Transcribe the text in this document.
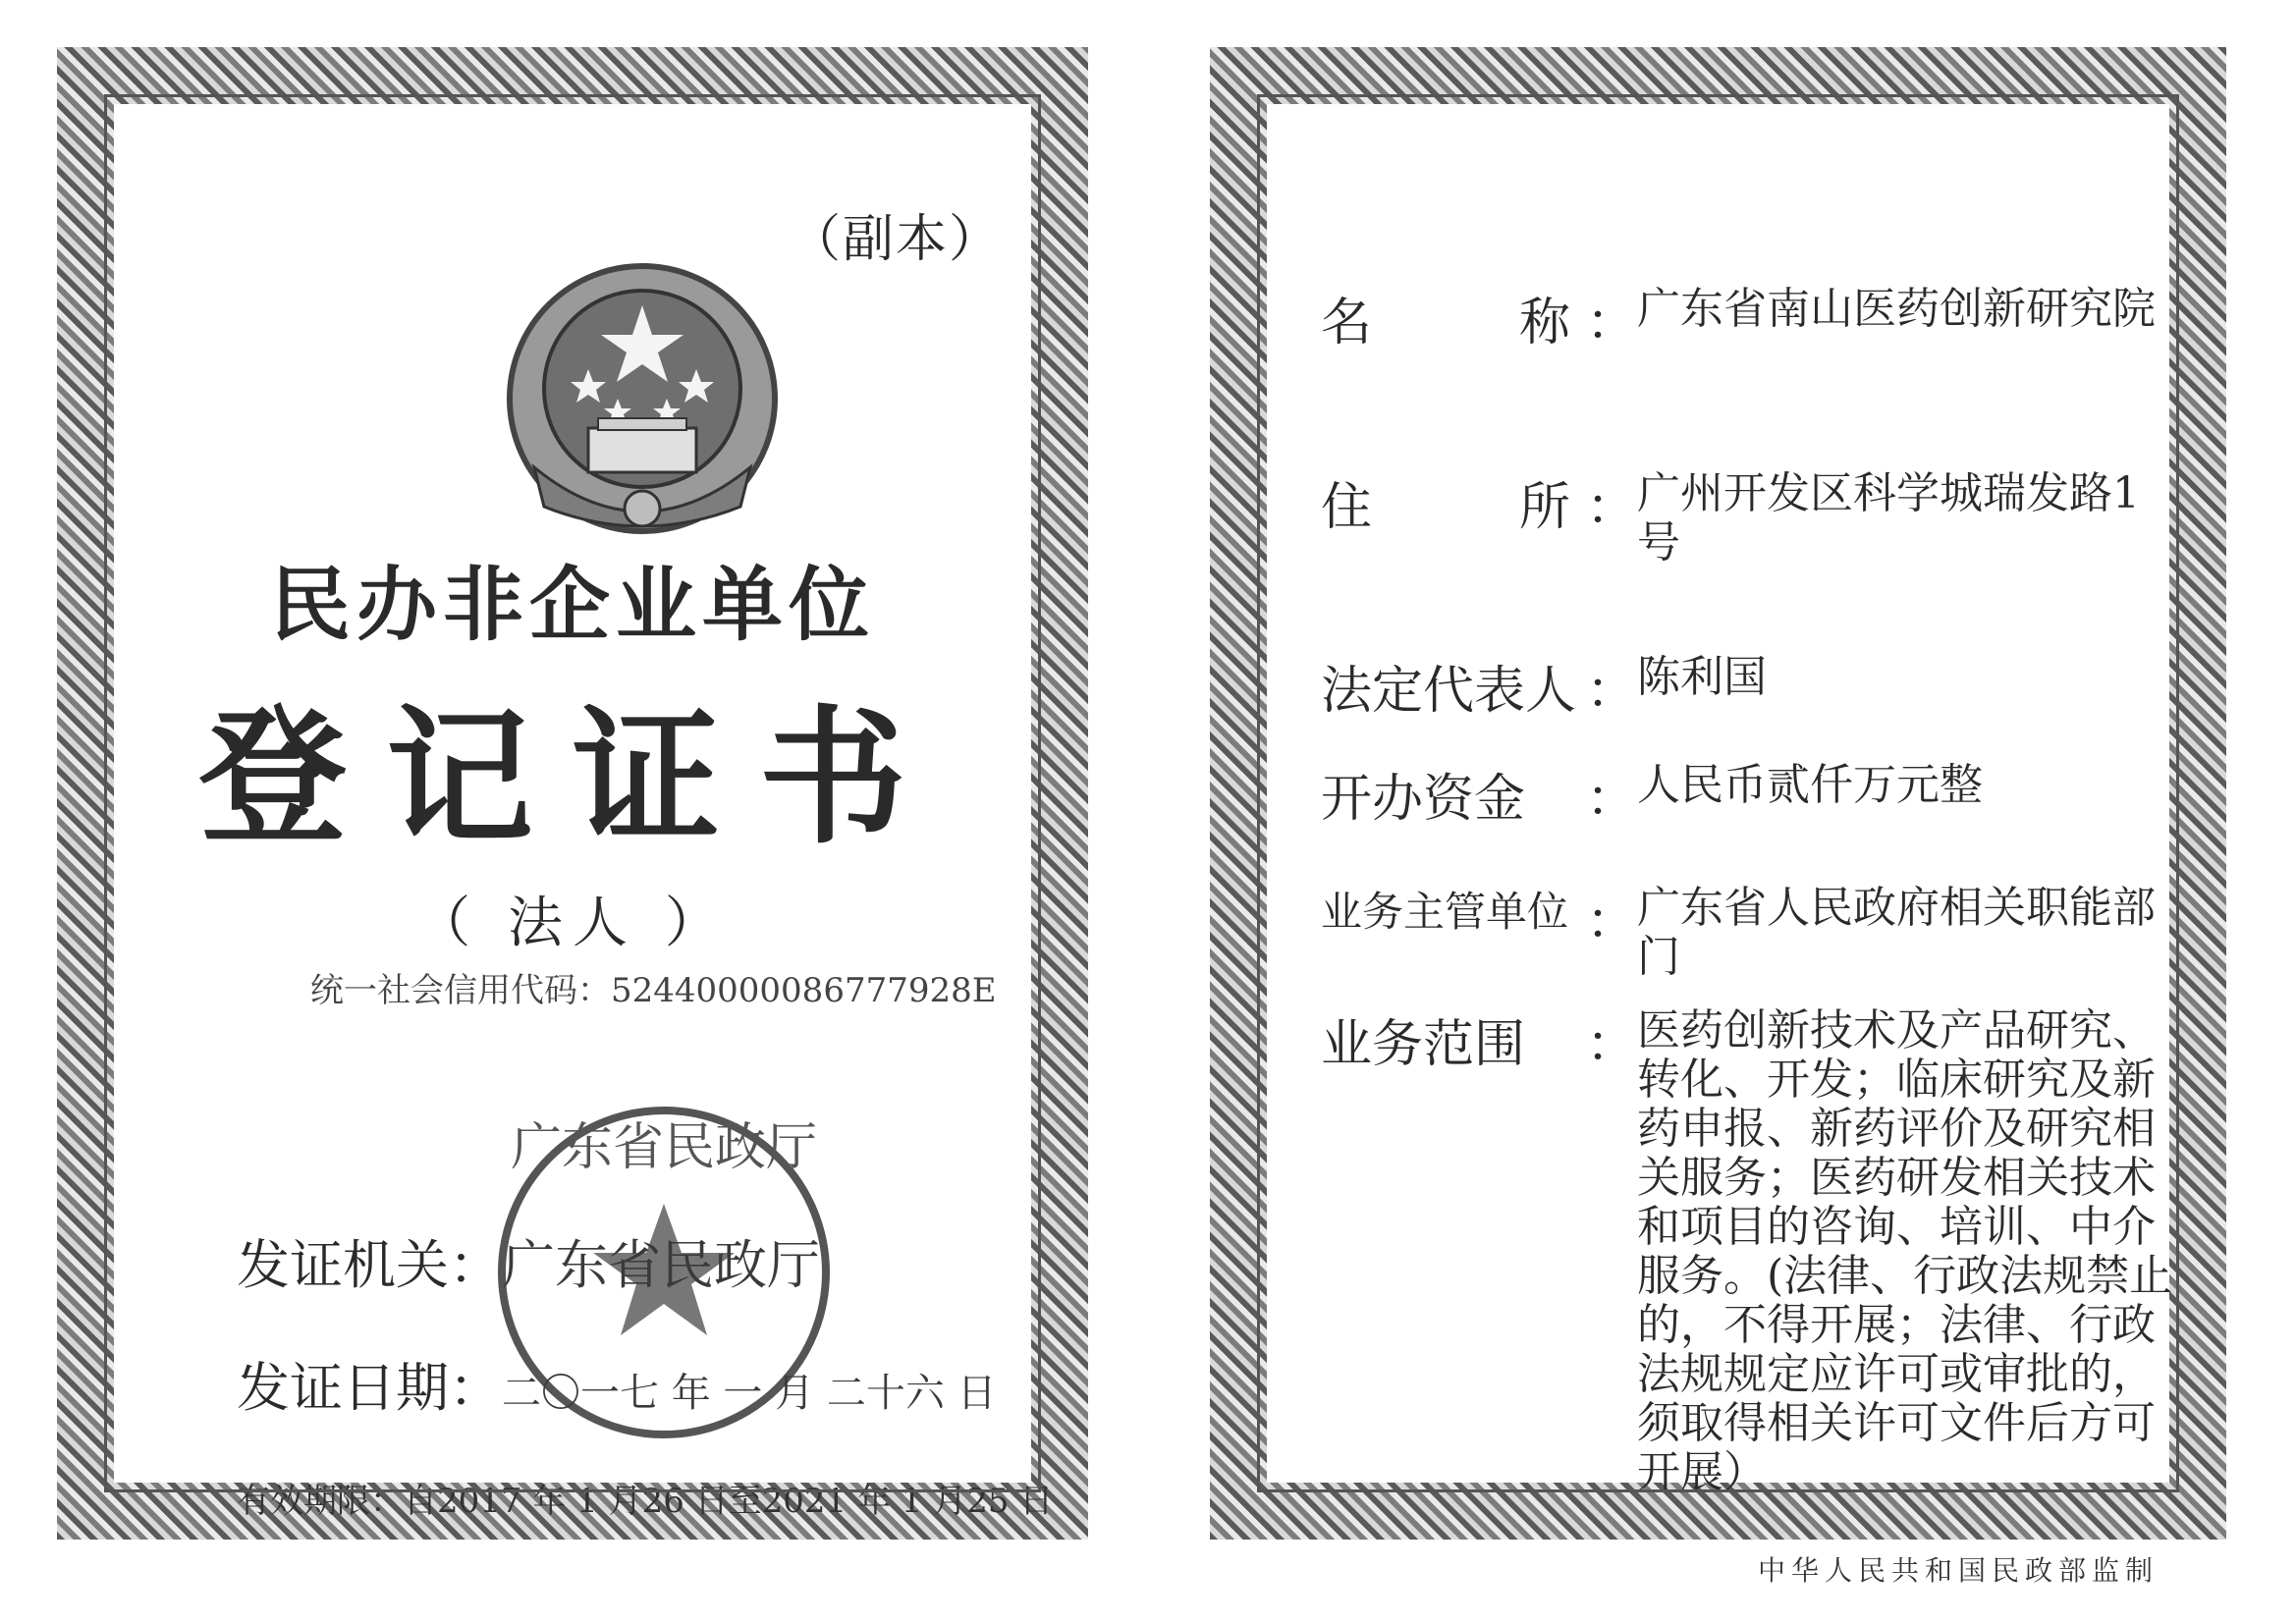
（副本）
民办非企业单位
登记证书
（ 法人 ）
统一社会信用代码：52440000086777928E
广东省民政厅
发证机关：广东省民政厅
发证日期：二〇一七 年 一 月 二十六 日
有效期限：自2017 年 1 月26 日至2021 年 1 月25 日
名	称 ： 广东省南山医药创新研究院
住	所 ： 广州开发区科学城瑞发路1号
法定代表人 ： 陈利国
开办资金	： 人民币贰仟万元整
业务主管单位 ： 广东省人民政府相关职能部门
业务范围	： 医药创新技术及产品研究、转化、开发；临床研究及新药申报、新药评价及研究相关服务；医药研发相关技术和项目的咨询、培训、中介服务。(法律、行政法规禁止的，不得开展；法律、行政法规规定应许可或审批的，须取得相关许可文件后方可开展）
中华人民共和国民政部监制
